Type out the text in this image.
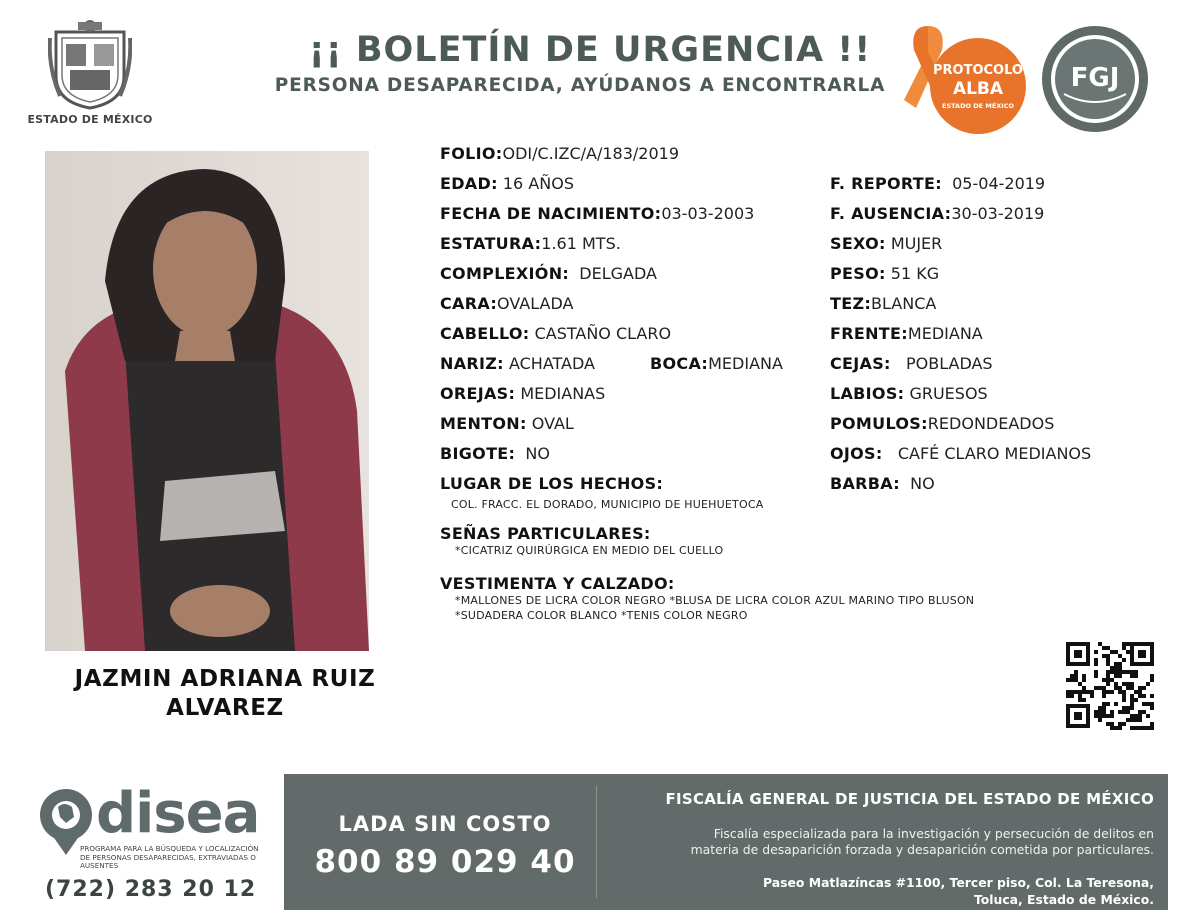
ESTADO DE MÉXICO
¡¡ BOLETÍN DE URGENCIA !!
PERSONA DESAPARECIDA, AYÚDANOS A ENCONTRARLA
PROTOCOLO
ALBA
ESTADO DE MÉXICO
FGJ
JAZMIN ADRIANA RUIZ ALVAREZ
FOLIO:ODI/C.IZC/A/183/2019
EDAD: 16 AÑOS
FECHA DE NACIMIENTO:03-03-2003
ESTATURA:1.61 MTS.
COMPLEXIÓN: DELGADA
CARA:OVALADA
CABELLO: CASTAÑO CLARO
NARIZ: ACHATADA	BOCA:MEDIANA
OREJAS: MEDIANAS
MENTON: OVAL
BIGOTE: NO
LUGAR DE LOS HECHOS:
COL. FRACC. EL DORADO, MUNICIPIO DE HUEHUETOCA
SEÑAS PARTICULARES:
*CICATRIZ QUIRÚRGICA EN MEDIO DEL CUELLO
VESTIMENTA Y CALZADO:
*MALLONES DE LICRA COLOR NEGRO *BLUSA DE LICRA COLOR AZUL MARINO TIPO BLUSON
*SUDADERA COLOR BLANCO *TENIS COLOR NEGRO
F. REPORTE: 05-04-2019
F. AUSENCIA:30-03-2019
SEXO: MUJER
PESO: 51 KG
TEZ:BLANCA
FRENTE:MEDIANA
CEJAS: POBLADAS
LABIOS: GRUESOS
POMULOS:REDONDEADOS
OJOS: CAFÉ CLARO MEDIANOS
BARBA: NO
disea
PROGRAMA PARA LA BÚSQUEDA Y LOCALIZACIÓN DE PERSONAS DESAPARECIDAS, EXTRAVIADAS O AUSENTES
(722) 283 20 12
LADA SIN COSTO
800 89 029 40
FISCALÍA GENERAL DE JUSTICIA DEL ESTADO DE MÉXICO
Fiscalía especializada para la investigación y persecución de delitos en
materia de desaparición forzada y desaparición cometida por particulares.
Paseo Matlazíncas #1100, Tercer piso, Col. La Teresona,
Toluca, Estado de México.
